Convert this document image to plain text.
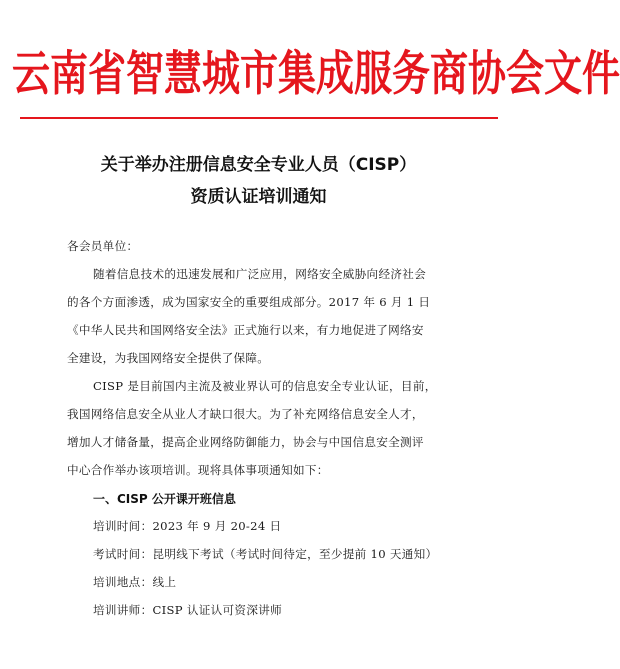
云南省智慧城市集成服务商协会文件
关于举办注册信息安全专业人员（CISP）
资质认证培训通知
各会员单位：
随着信息技术的迅速发展和广泛应用，网络安全威胁向经济社会
的各个方面渗透，成为国家安全的重要组成部分。2017 年 6 月 1 日
《中华人民共和国网络安全法》正式施行以来，有力地促进了网络安
全建设，为我国网络安全提供了保障。
CISP 是目前国内主流及被业界认可的信息安全专业认证，目前，
我国网络信息安全从业人才缺口很大。为了补充网络信息安全人才，
增加人才储备量，提高企业网络防御能力，协会与中国信息安全测评
中心合作举办该项培训。现将具体事项通知如下：
一、CISP 公开课开班信息
培训时间：2023 年 9 月 20-24 日
考试时间：昆明线下考试（考试时间待定，至少提前 10 天通知）
培训地点：线上
培训讲师：CISP 认证认可资深讲师
